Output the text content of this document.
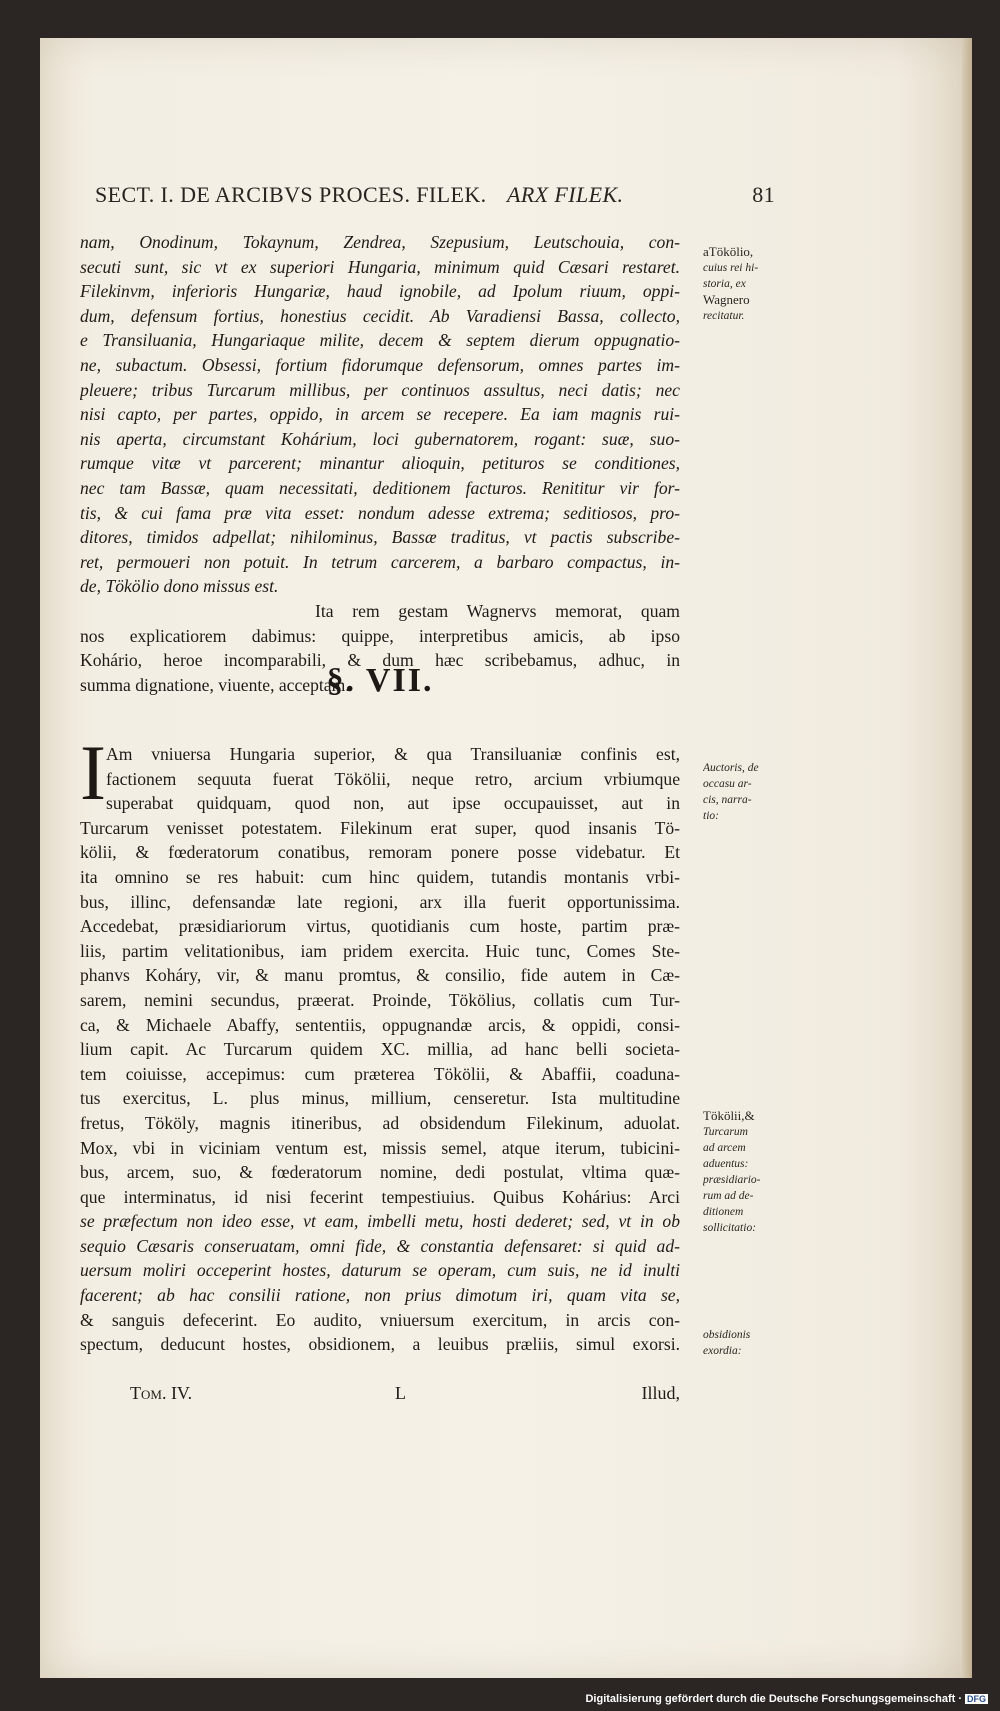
SECT. I. DE ARCIBVS PROCES. FILEK. ARX FILEK.	81
nam, Onodinum, Tokaynum, Zendrea, Szepusium, Leutschouia, con-
secuti sunt, sic vt ex superiori Hungaria, minimum quid Cæsari restaret.
Filekinvm, inferioris Hungariæ, haud ignobile, ad Ipolum riuum, oppi-
dum, defensum fortius, honestius cecidit. Ab Varadiensi Bassa, collecto,
e Transiluania, Hungariaque milite, decem & septem dierum oppugnatio-
ne, subactum. Obsessi, fortium fidorumque defensorum, omnes partes im-
pleuere; tribus Turcarum millibus, per continuos assultus, neci datis; nec
nisi capto, per partes, oppido, in arcem se recepere. Ea iam magnis rui-
nis aperta, circumstant Kohárium, loci gubernatorem, rogant: suæ, suo-
rumque vitæ vt parcerent; minantur alioquin, petituros se conditiones,
nec tam Bassæ, quam necessitati, deditionem facturos. Renititur vir for-
tis, & cui fama præ vita esset: nondum adesse extrema; seditiosos, pro-
ditores, timidos adpellat; nihilominus, Bassæ traditus, vt pactis subscribe-
ret, permoueri non potuit. In tetrum carcerem, a barbaro compactus, in-
de, Tökölio dono missus est.
Ita rem gestam Wagnervs memorat, quam
nos explicatiorem dabimus: quippe, interpretibus amicis, ab ipso
Kohário, heroe incomparabili, & dum hæc scribebamus, adhuc, in
summa dignatione, viuente, acceptam.
§. VII.
I Am vniuersa Hungaria superior, & qua Transiluaniæ confinis est,
factionem sequuta fuerat Tökölii, neque retro, arcium vrbiumque
superabat quidquam, quod non, aut ipse occupauisset, aut in
Turcarum venisset potestatem. Filekinum erat super, quod insanis Tö-
kölii, & fœderatorum conatibus, remoram ponere posse videbatur. Et
ita omnino se res habuit: cum hinc quidem, tutandis montanis vrbi-
bus, illinc, defensandæ late regioni, arx illa fuerit opportunissima.
Accedebat, præsidiariorum virtus, quotidianis cum hoste, partim præ-
liis, partim velitationibus, iam pridem exercita. Huic tunc, Comes Ste-
phanvs Koháry, vir, & manu promtus, & consilio, fide autem in Cæ-
sarem, nemini secundus, præerat. Proinde, Tökölius, collatis cum Tur-
ca, & Michaele Abaffy, sententiis, oppugnandæ arcis, & oppidi, consi-
lium capit. Ac Turcarum quidem XC. millia, ad hanc belli societa-
tem coiuisse, accepimus: cum præterea Tökölii, & Abaffii, coaduna-
tus exercitus, L. plus minus, millium, censeretur. Ista multitudine
fretus, Tököly, magnis itineribus, ad obsidendum Filekinum, aduolat.
Mox, vbi in viciniam ventum est, missis semel, atque iterum, tubicini-
bus, arcem, suo, & fœderatorum nomine, dedi postulat, vltima quæ-
que interminatus, id nisi fecerint tempestiuius. Quibus Kohárius: Arci
se præfectum non ideo esse, vt eam, imbelli metu, hosti dederet; sed, vt in ob
sequio Cæsaris conseruatam, omni fide, & constantia defensaret: si quid ad-
uersum moliri occeperint hostes, daturum se operam, cum suis, ne id inulti
facerent; ab hac consilii ratione, non prius dimotum iri, quam vita se,
& sanguis defecerint. Eo audito, vniuersum exercitum, in arcis con-
spectum, deducunt hostes, obsidionem, a leuibus præliis, simul exorsi.
Tom. IV.	L	Illud,
aTökölio,
cuius rei hi-
storia, ex
Wagnero
recitatur.
Auctoris, de
occasu ar-
cis, narra-
tio:
Tökölii,&
Turcarum
ad arcem
aduentus:
præsidiario-
rum ad de-
ditionem
sollicitatio:
obsidionis
exordia:
Digitalisierung gefördert durch die Deutsche Forschungsgemeinschaft · DFG
